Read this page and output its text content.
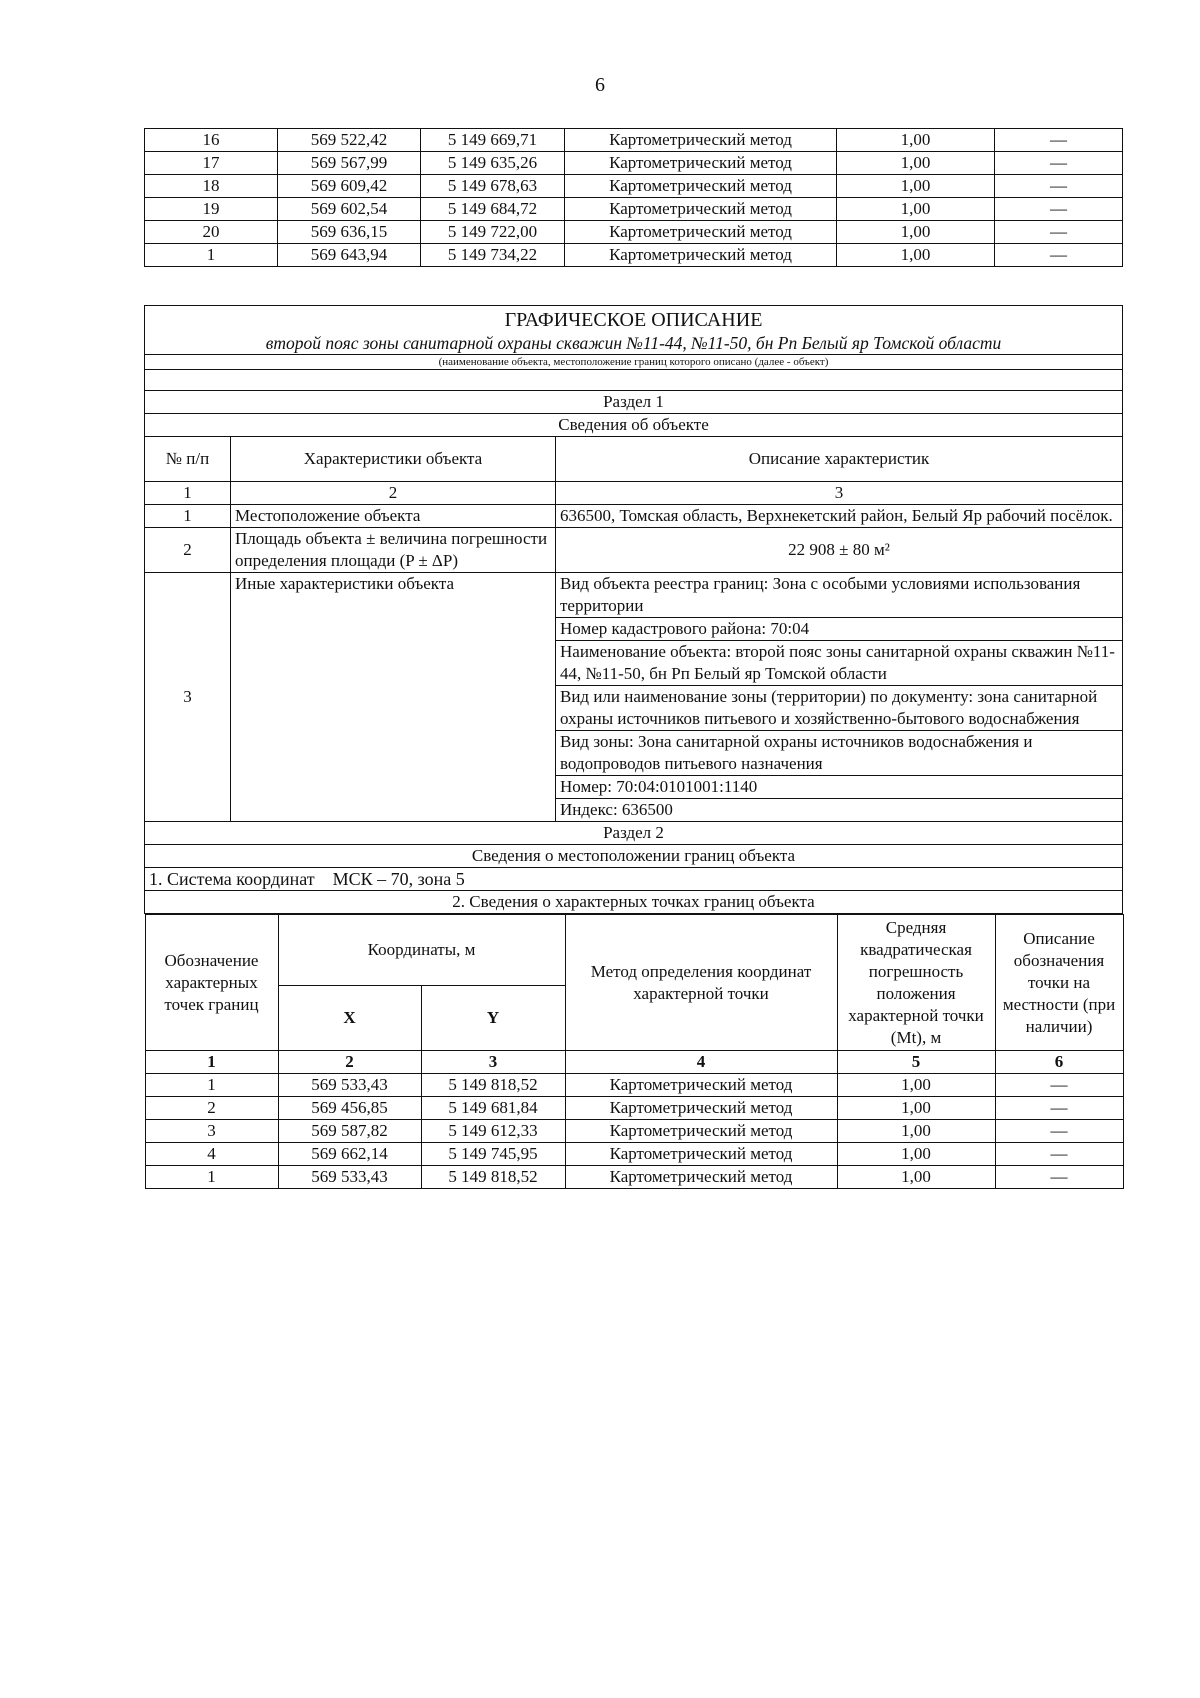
6
16	569 522,42	5 149 669,71	Картометрический метод	1,00	—
17	569 567,99	5 149 635,26	Картометрический метод	1,00	—
18	569 609,42	5 149 678,63	Картометрический метод	1,00	—
19	569 602,54	5 149 684,72	Картометрический метод	1,00	—
20	569 636,15	5 149 722,00	Картометрический метод	1,00	—
1	569 643,94	5 149 734,22	Картометрический метод	1,00	—
ГРАФИЧЕСКОЕ ОПИСАНИЕ
второй пояс зоны санитарной охраны скважин №11-44, №11-50, бн Рп Белый яр Томской области
(наименование объекта, местоположение границ которого описано (далее - объект)

Раздел 1
Сведения об объекте
№ п/п	Характеристики объекта	Описание характеристик
1	2	3
1	Местоположение объекта	636500, Томская область, Верхнекетский район, Белый Яр рабочий посёлок.
2	Площадь объекта ± величина погрешности определения площади (P ± ΔP)	22 908 ± 80 м²
3	Иные характеристики объекта	Вид объекта реестра границ: Зона с особыми условиями использования территории
Номер кадастрового района: 70:04
Наименование объекта: второй пояс зоны санитарной охраны скважин №11-44, №11-50, бн Рп Белый яр Томской области
Вид или наименование зоны (территории) по документу: зона санитарной охраны источников питьевого и хозяйственно-бытового водоснабжения
Вид зоны: Зона санитарной охраны источников водоснабжения и водопроводов питьевого назначения
Номер: 70:04:0101001:1140
Индекс: 636500
Раздел 2
Сведения о местоположении границ объекта
1. Система координат    МСК – 70, зона 5
2. Сведения о характерных точках границ объекта

Обозначение характерных точек границ	Координаты, м	Метод определения координат характерной точки	Средняя квадратическая погрешность положения характерной точки (Mt), м	Описание обозначения точки на местности (при наличии)
X	Y
1	2	3	4	5	6
1	569 533,43	5 149 818,52	Картометрический метод	1,00	—
2	569 456,85	5 149 681,84	Картометрический метод	1,00	—
3	569 587,82	5 149 612,33	Картометрический метод	1,00	—
4	569 662,14	5 149 745,95	Картометрический метод	1,00	—
1	569 533,43	5 149 818,52	Картометрический метод	1,00	—
